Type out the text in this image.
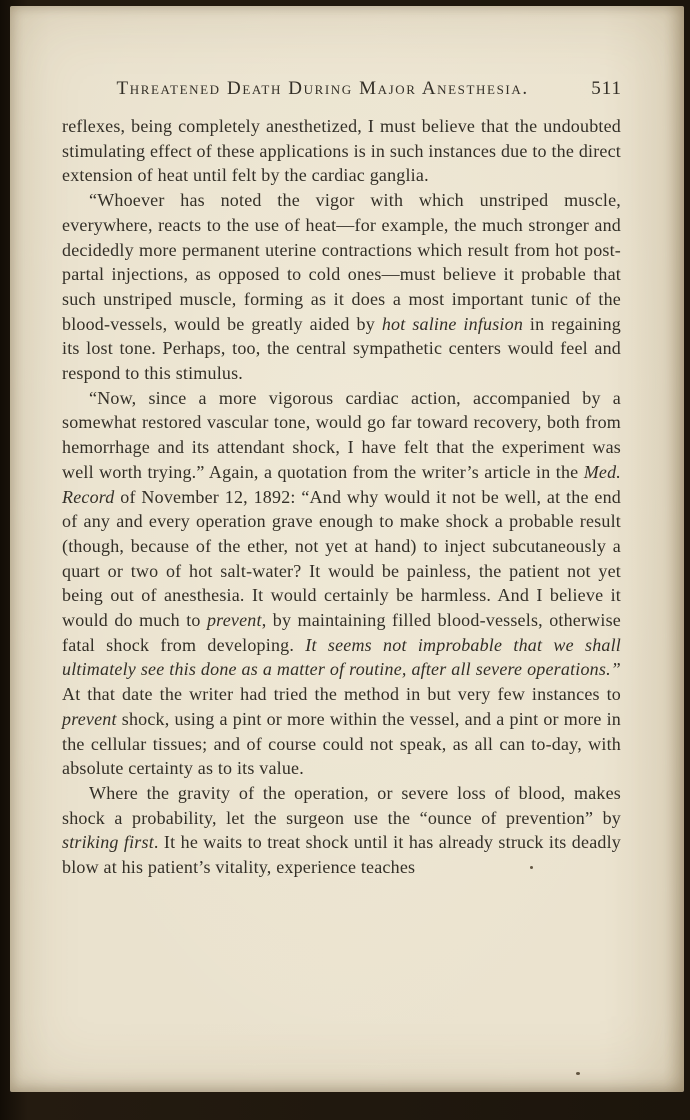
Threatened Death During Major Anesthesia.	511

reflexes, being completely anesthetized, I must believe that the undoubted stimulating effect of these applications is in such instances due to the direct extension of heat until felt by the cardiac ganglia.

“Whoever has noted the vigor with which unstriped muscle, everywhere, reacts to the use of heat—for example, the much stronger and decidedly more permanent uterine contractions which result from hot post-partal injections, as opposed to cold ones—must believe it probable that such unstriped muscle, forming as it does a most important tunic of the blood-vessels, would be greatly aided by hot saline infusion in regaining its lost tone. Perhaps, too, the central sympathetic centers would feel and respond to this stimulus.

“Now, since a more vigorous cardiac action, accompanied by a somewhat restored vascular tone, would go far toward recovery, both from hemorrhage and its attendant shock, I have felt that the experiment was well worth trying.” Again, a quotation from the writer’s article in the Med. Record of November 12, 1892: “And why would it not be well, at the end of any and every operation grave enough to make shock a probable result (though, because of the ether, not yet at hand) to inject subcutaneously a quart or two of hot salt-water? It would be painless, the patient not yet being out of anesthesia. It would certainly be harmless. And I believe it would do much to prevent, by maintaining filled blood-vessels, otherwise fatal shock from developing. It seems not improbable that we shall ultimately see this done as a matter of routine, after all severe operations.” At that date the writer had tried the method in but very few instances to prevent shock, using a pint or more within the vessel, and a pint or more in the cellular tissues; and of course could not speak, as all can to-day, with absolute certainty as to its value.

Where the gravity of the operation, or severe loss of blood, makes shock a probability, let the surgeon use the “ounce of prevention” by striking first. It he waits to treat shock until it has already struck its deadly blow at his patient’s vitality, experience teaches
